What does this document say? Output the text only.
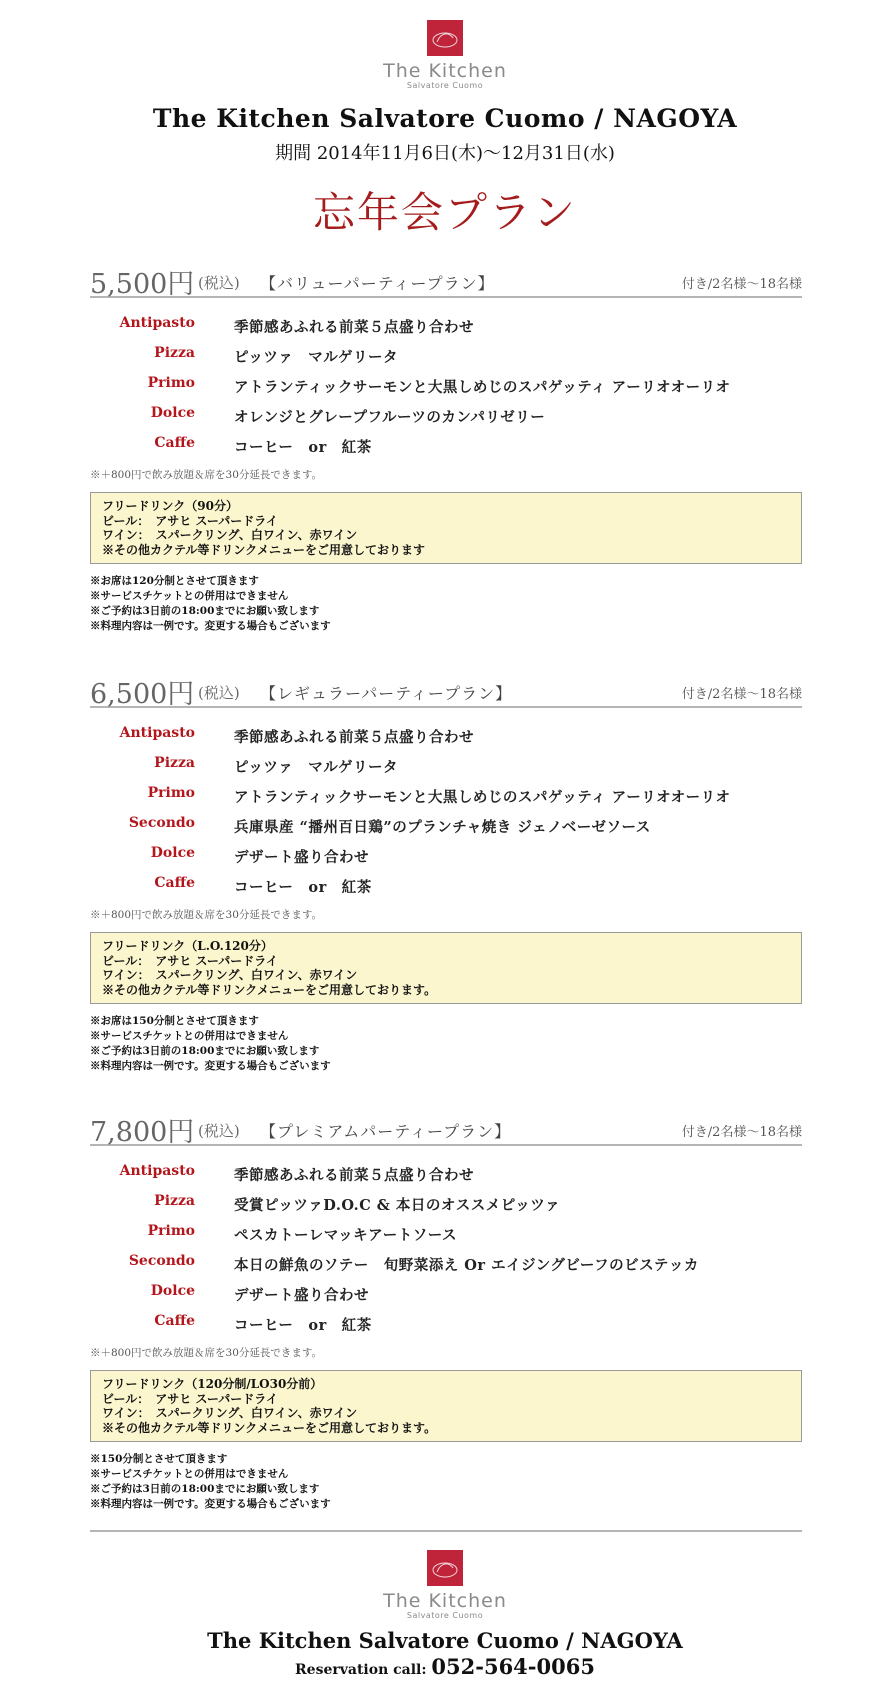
The Kitchen
Salvatore Cuomo
The Kitchen Salvatore Cuomo / NAGOYA
期間 2014年11月6日(木)〜12月31日(水)
忘年会プラン
5,500円 (税込) 【バリューパーティープラン】	付き/2名様〜18名様
Antipasto	季節感あふれる前菜５点盛り合わせ
Pizza	ピッツァ　マルゲリータ
Primo	アトランティックサーモンと大黒しめじのスパゲッティ アーリオオーリオ
Dolce	オレンジとグレープフルーツのカンパリゼリー
Caffe	コーヒー　or　紅茶
※＋800円で飲み放題＆席を30分延長できます。
フリードリンク（90分）
ビール：　アサヒ スーパードライ
ワイン：　スパークリング、白ワイン、赤ワイン
※その他カクテル等ドリンクメニューをご用意しております
※お席は120分制とさせて頂きます
※サービスチケットとの併用はできません
※ご予約は3日前の18:00までにお願い致します
※料理内容は一例です。変更する場合もございます
6,500円 (税込) 【レギュラーパーティープラン】	付き/2名様〜18名様
Antipasto	季節感あふれる前菜５点盛り合わせ
Pizza	ピッツァ　マルゲリータ
Primo	アトランティックサーモンと大黒しめじのスパゲッティ アーリオオーリオ
Secondo	兵庫県産 “播州百日鶏”のプランチャ焼き ジェノベーゼソース
Dolce	デザート盛り合わせ
Caffe	コーヒー　or　紅茶
※＋800円で飲み放題＆席を30分延長できます。
フリードリンク（L.O.120分）
ビール：　アサヒ スーパードライ
ワイン：　スパークリング、白ワイン、赤ワイン
※その他カクテル等ドリンクメニューをご用意しております。
※お席は150分制とさせて頂きます
※サービスチケットとの併用はできません
※ご予約は3日前の18:00までにお願い致します
※料理内容は一例です。変更する場合もございます
7,800円 (税込) 【プレミアムパーティープラン】	付き/2名様〜18名様
Antipasto	季節感あふれる前菜５点盛り合わせ
Pizza	受賞ピッツァD.O.C & 本日のオススメピッツァ
Primo	ペスカトーレマッキアートソース
Secondo	本日の鮮魚のソテー　旬野菜添え Or エイジングビーフのビステッカ
Dolce	デザート盛り合わせ
Caffe	コーヒー　or　紅茶
※＋800円で飲み放題＆席を30分延長できます。
フリードリンク（120分制/LO30分前）
ビール：　アサヒ スーパードライ
ワイン：　スパークリング、白ワイン、赤ワイン
※その他カクテル等ドリンクメニューをご用意しております。
※150分制とさせて頂きます
※サービスチケットとの併用はできません
※ご予約は3日前の18:00までにお願い致します
※料理内容は一例です。変更する場合もございます
The Kitchen
Salvatore Cuomo
The Kitchen Salvatore Cuomo / NAGOYA
Reservation call: 052-564-0065
